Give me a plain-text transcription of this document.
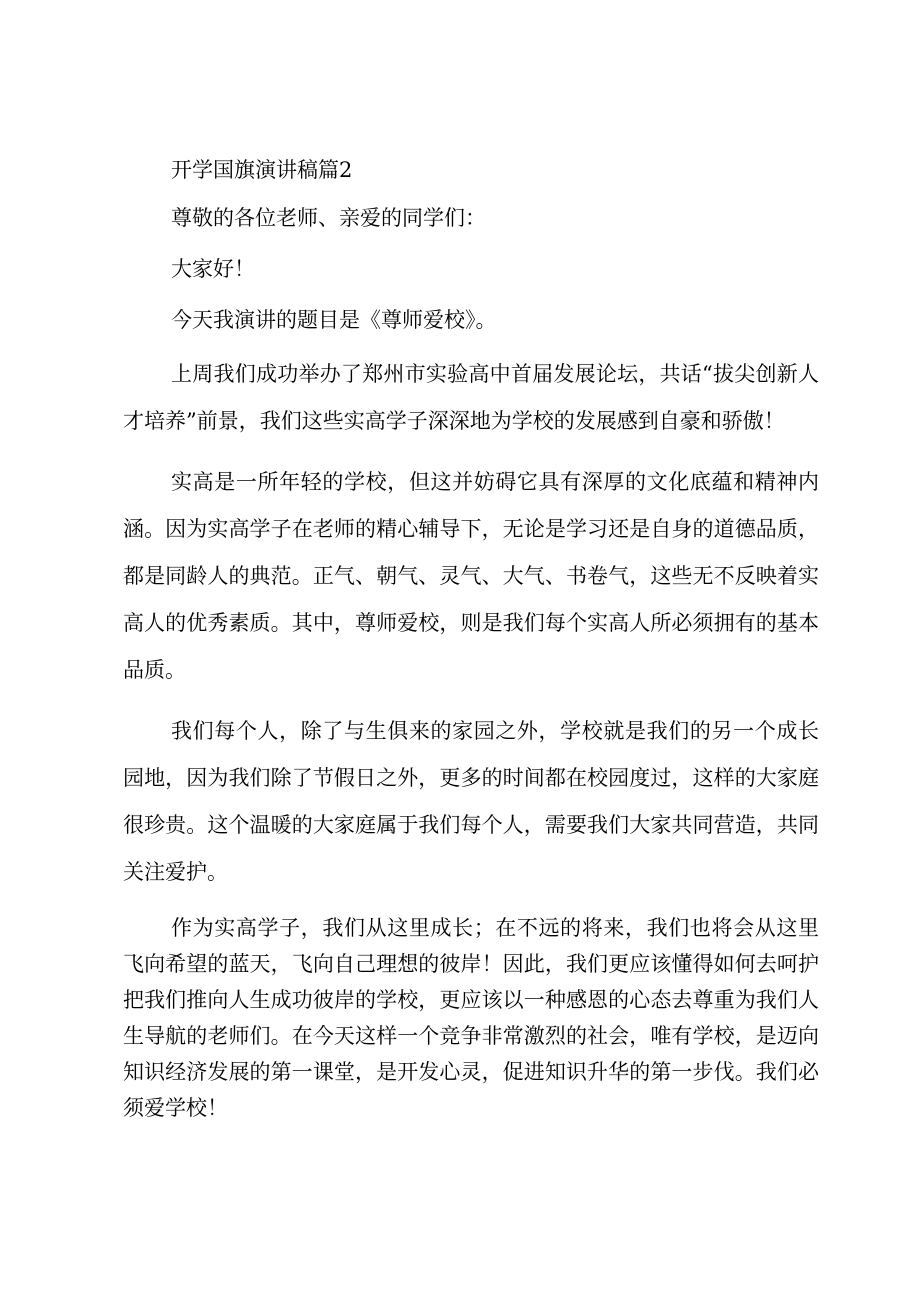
开学国旗演讲稿篇2

尊敬的各位老师、亲爱的同学们：

大家好！

今天我演讲的题目是《尊师爱校》。

上周我们成功举办了郑州市实验高中首届发展论坛，共话“拔尖创新人才培养”前景，我们这些实高学子深深地为学校的发展感到自豪和骄傲！

实高是一所年轻的学校，但这并妨碍它具有深厚的文化底蕴和精神内涵。因为实高学子在老师的精心辅导下，无论是学习还是自身的道德品质，都是同龄人的典范。正气、朝气、灵气、大气、书卷气，这些无不反映着实高人的优秀素质。其中，尊师爱校，则是我们每个实高人所必须拥有的基本品质。

我们每个人，除了与生俱来的家园之外，学校就是我们的另一个成长园地，因为我们除了节假日之外，更多的时间都在校园度过，这样的大家庭很珍贵。这个温暖的大家庭属于我们每个人，需要我们大家共同营造，共同关注爱护。

作为实高学子，我们从这里成长；在不远的将来，我们也将会从这里飞向希望的蓝天，飞向自己理想的彼岸！因此，我们更应该懂得如何去呵护把我们推向人生成功彼岸的学校，更应该以一种感恩的心态去尊重为我们人生导航的老师们。在今天这样一个竞争非常激烈的社会，唯有学校，是迈向知识经济发展的第一课堂，是开发心灵，促进知识升华的第一步伐。我们必须爱学校！
